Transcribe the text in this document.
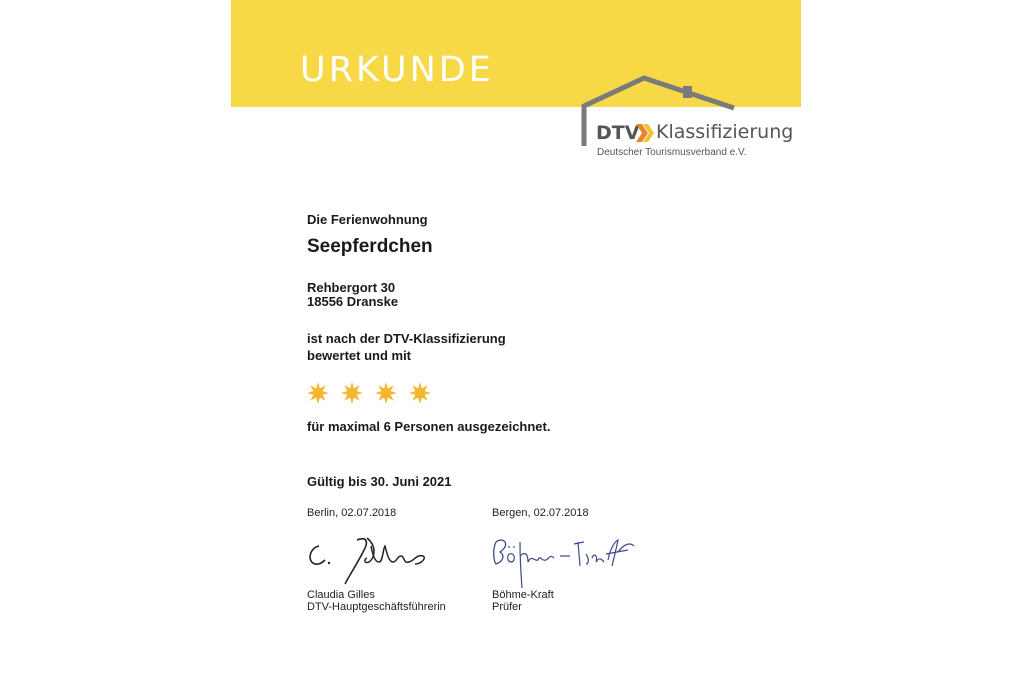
URKUNDE
DTV Klassifizierung
Deutscher Tourismusverband e.V.
Die Ferienwohnung
Seepferdchen
Rehbergort 30
18556 Dranske
ist nach der DTV-Klassifizierung
bewertet und mit
für maximal 6 Personen ausgezeichnet.
Gültig bis 30. Juni 2021
Berlin, 02.07.2018
Claudia Gilles
DTV-Hauptgeschäftsführerin
Bergen, 02.07.2018
Böhme-Kraft
Prüfer
